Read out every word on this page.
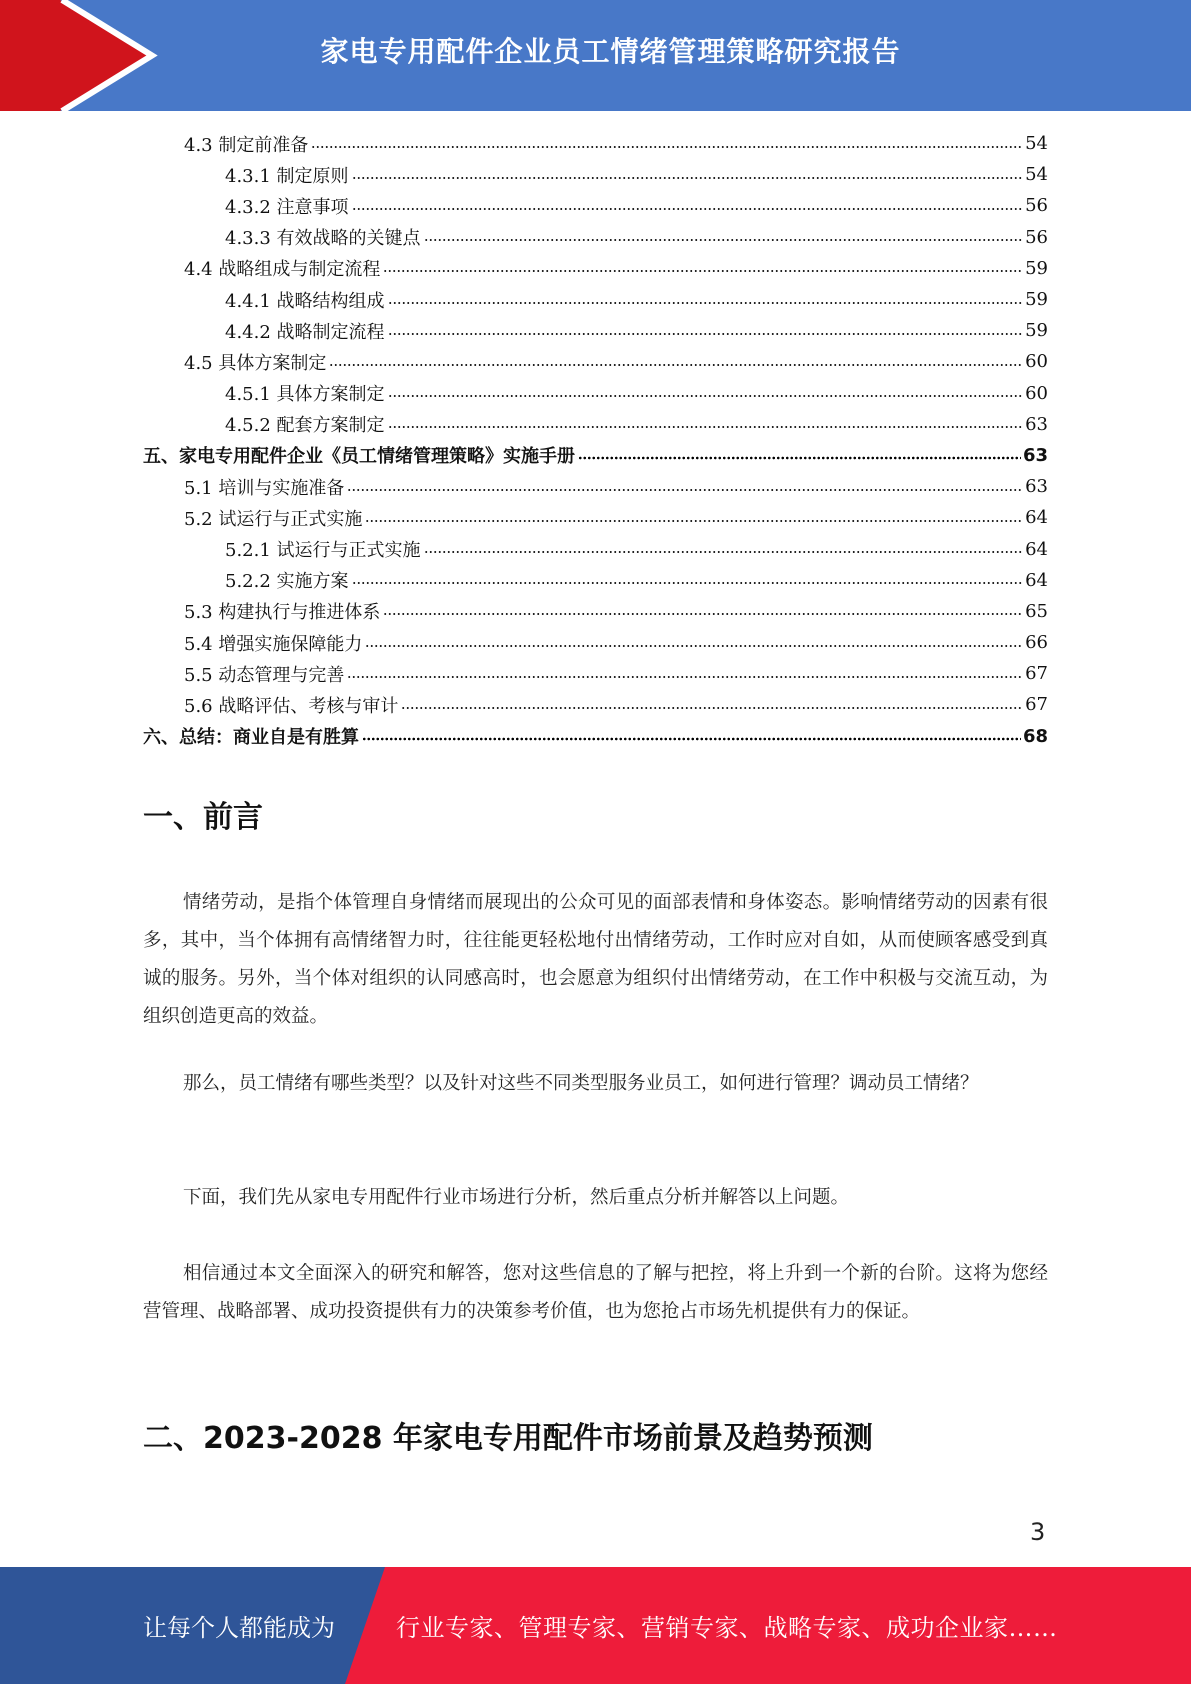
家电专用配件企业员工情绪管理策略研究报告
4.3 制定前准备	54
4.3.1 制定原则	54
4.3.2 注意事项	56
4.3.3 有效战略的关键点	56
4.4 战略组成与制定流程	59
4.4.1 战略结构组成	59
4.4.2 战略制定流程	59
4.5 具体方案制定	60
4.5.1 具体方案制定	60
4.5.2 配套方案制定	63
五、家电专用配件企业《员工情绪管理策略》实施手册	63
5.1 培训与实施准备	63
5.2 试运行与正式实施	64
5.2.1 试运行与正式实施	64
5.2.2 实施方案	64
5.3 构建执行与推进体系	65
5.4 增强实施保障能力	66
5.5 动态管理与完善	67
5.6 战略评估、考核与审计	67
六、总结：商业自是有胜算	68
一、前言

情绪劳动，是指个体管理自身情绪而展现出的公众可见的面部表情和身体姿态。影响情绪劳动的因素有很多，其中，当个体拥有高情绪智力时，往往能更轻松地付出情绪劳动，工作时应对自如，从而使顾客感受到真诚的服务。另外，当个体对组织的认同感高时，也会愿意为组织付出情绪劳动，在工作中积极与交流互动，为组织创造更高的效益。

那么，员工情绪有哪些类型？以及针对这些不同类型服务业员工，如何进行管理？调动员工情绪？

下面，我们先从家电专用配件行业市场进行分析，然后重点分析并解答以上问题。

相信通过本文全面深入的研究和解答，您对这些信息的了解与把控，将上升到一个新的台阶。这将为您经营管理、战略部署、成功投资提供有力的决策参考价值，也为您抢占市场先机提供有力的保证。

二、2023-2028 年家电专用配件市场前景及趋势预测
3
让每个人都能成为	行业专家、管理专家、营销专家、战略专家、成功企业家……
